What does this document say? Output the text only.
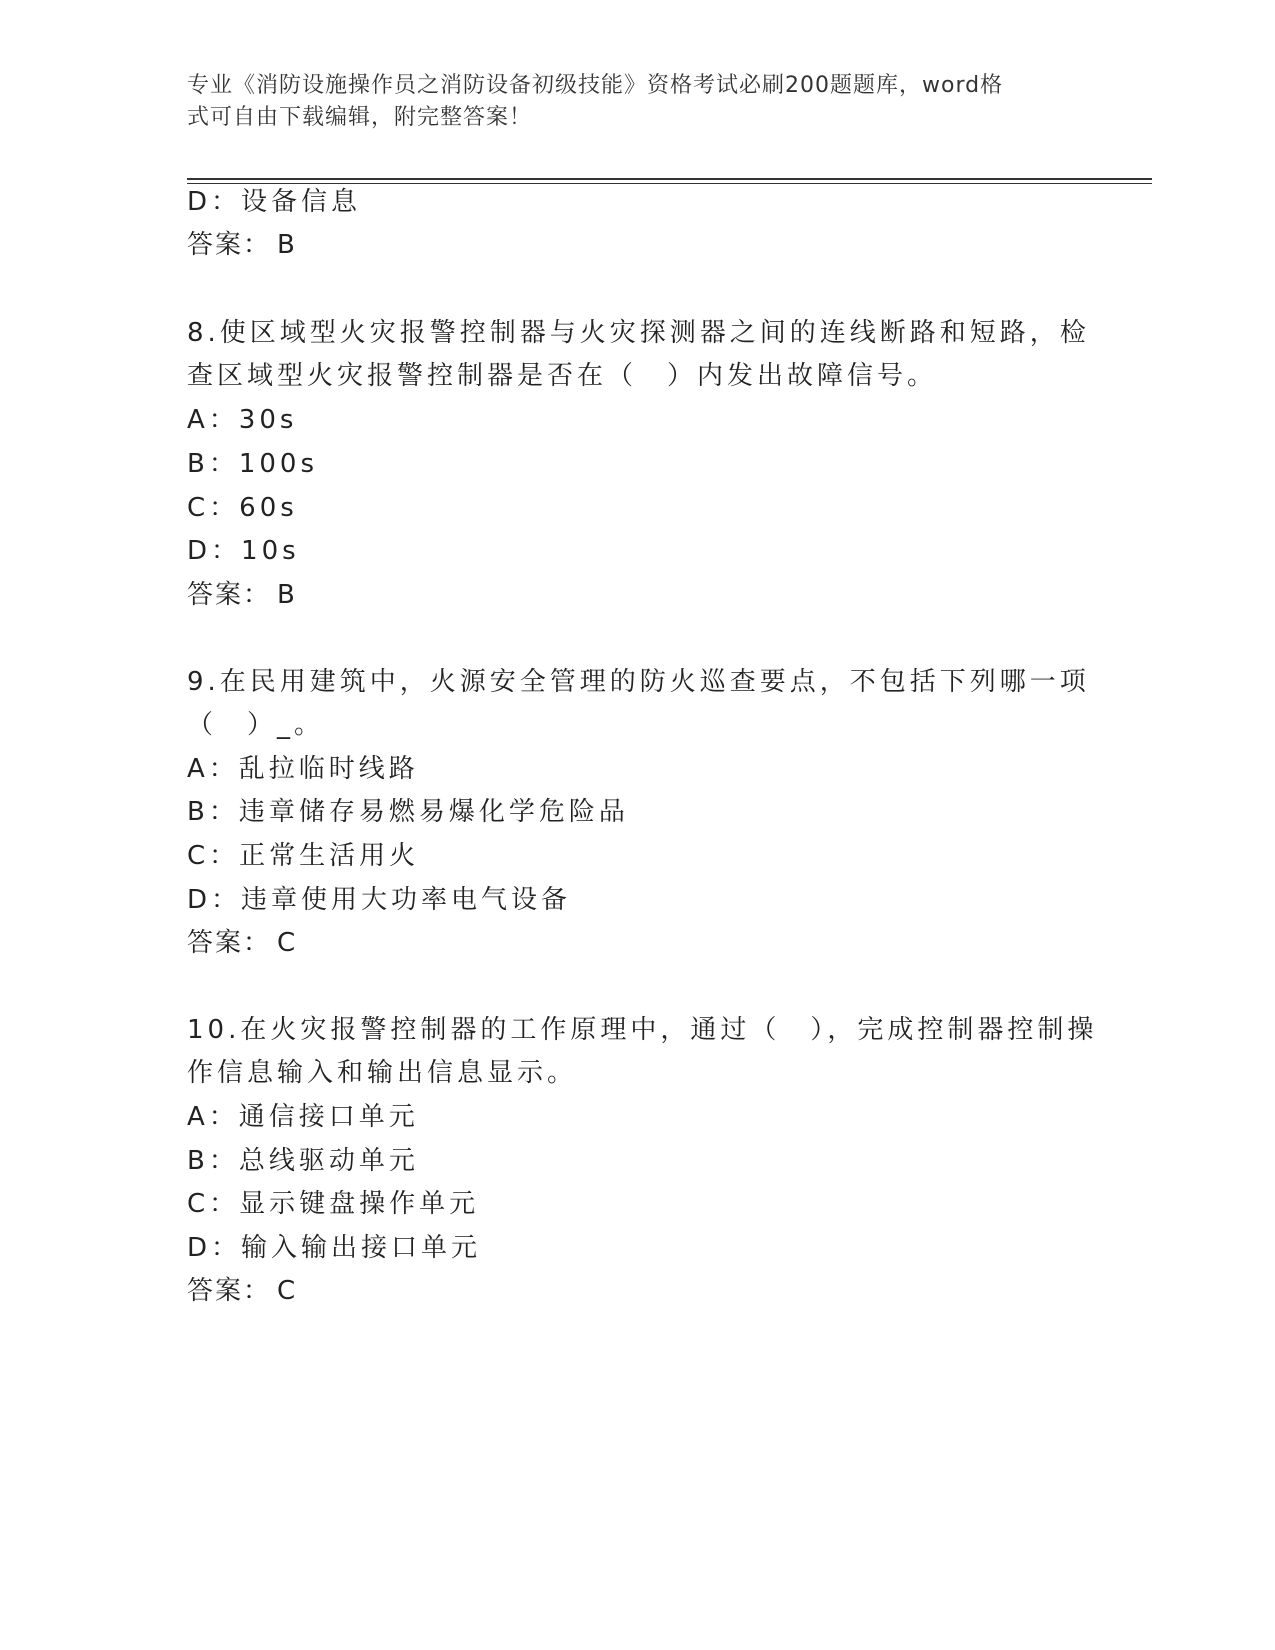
专业《消防设施操作员之消防设备初级技能》资格考试必刷200题题库，word格
式可自由下载编辑，附完整答案！
D：设备信息
答案： B
8.使区域型火灾报警控制器与火灾探测器之间的连线断路和短路，检
查区域型火灾报警控制器是否在（　）内发出故障信号。
A：30s
B：100s
C：60s
D：10s
答案： B
9.在民用建筑中，火源安全管理的防火巡查要点，不包括下列哪一项
（　）_。
A：乱拉临时线路
B：违章储存易燃易爆化学危险品
C：正常生活用火
D：违章使用大功率电气设备
答案： C
10.在火灾报警控制器的工作原理中，通过（　），完成控制器控制操
作信息输入和输出信息显示。
A：通信接口单元
B：总线驱动单元
C：显示键盘操作单元
D：输入输出接口单元
答案： C
